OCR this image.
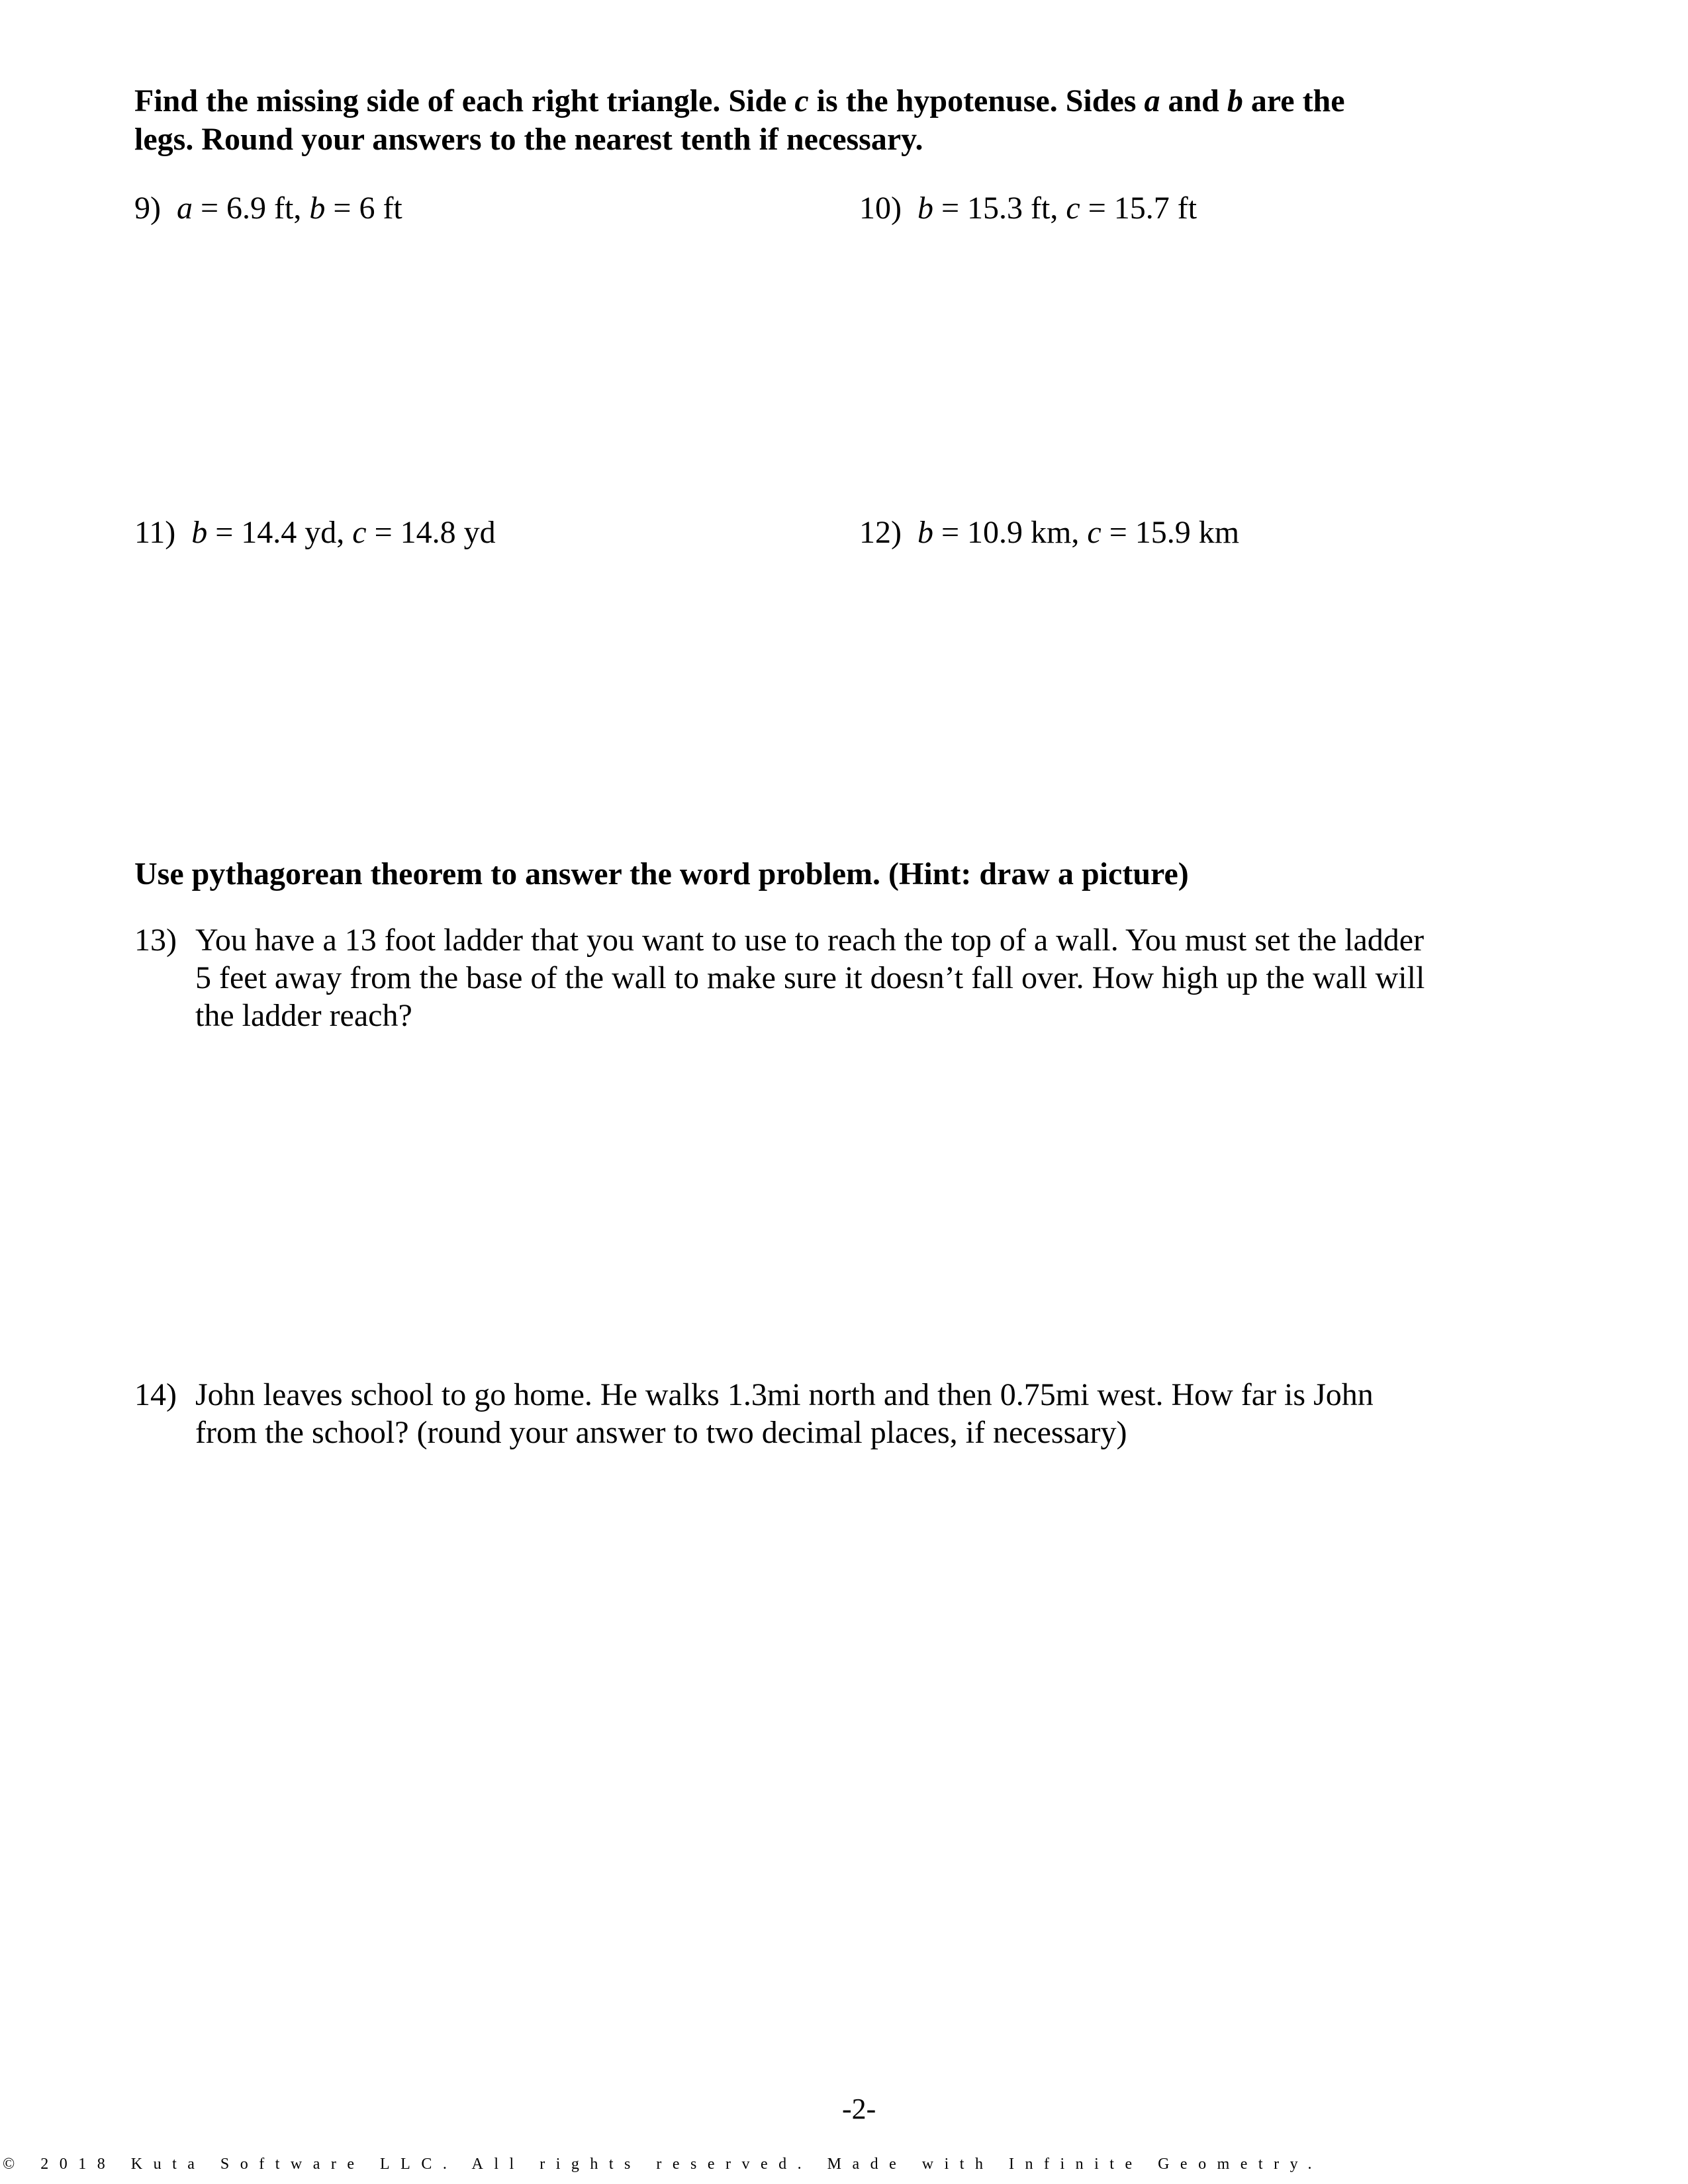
Find the missing side of each right triangle. Side c is the hypotenuse. Sides a and b are the
legs. Round your answers to the nearest tenth if necessary.
9) a = 6.9 ft, b = 6 ft	10) b = 15.3 ft, c = 15.7 ft
11) b = 14.4 yd, c = 14.8 yd	12) b = 10.9 km, c = 15.9 km
Use pythagorean theorem to answer the word problem. (Hint: draw a picture)
13) You have a 13 foot ladder that you want to use to reach the top of a wall. You must set the ladder
5 feet away from the base of the wall to make sure it doesn’t fall over. How high up the wall will
the ladder reach?
14) John leaves school to go home. He walks 1.3mi north and then 0.75mi west. How far is John
from the school? (round your answer to two decimal places, if necessary)
-2-
© 2018 Kuta Software LLC. All rights reserved. Made with Infinite Geometry.
